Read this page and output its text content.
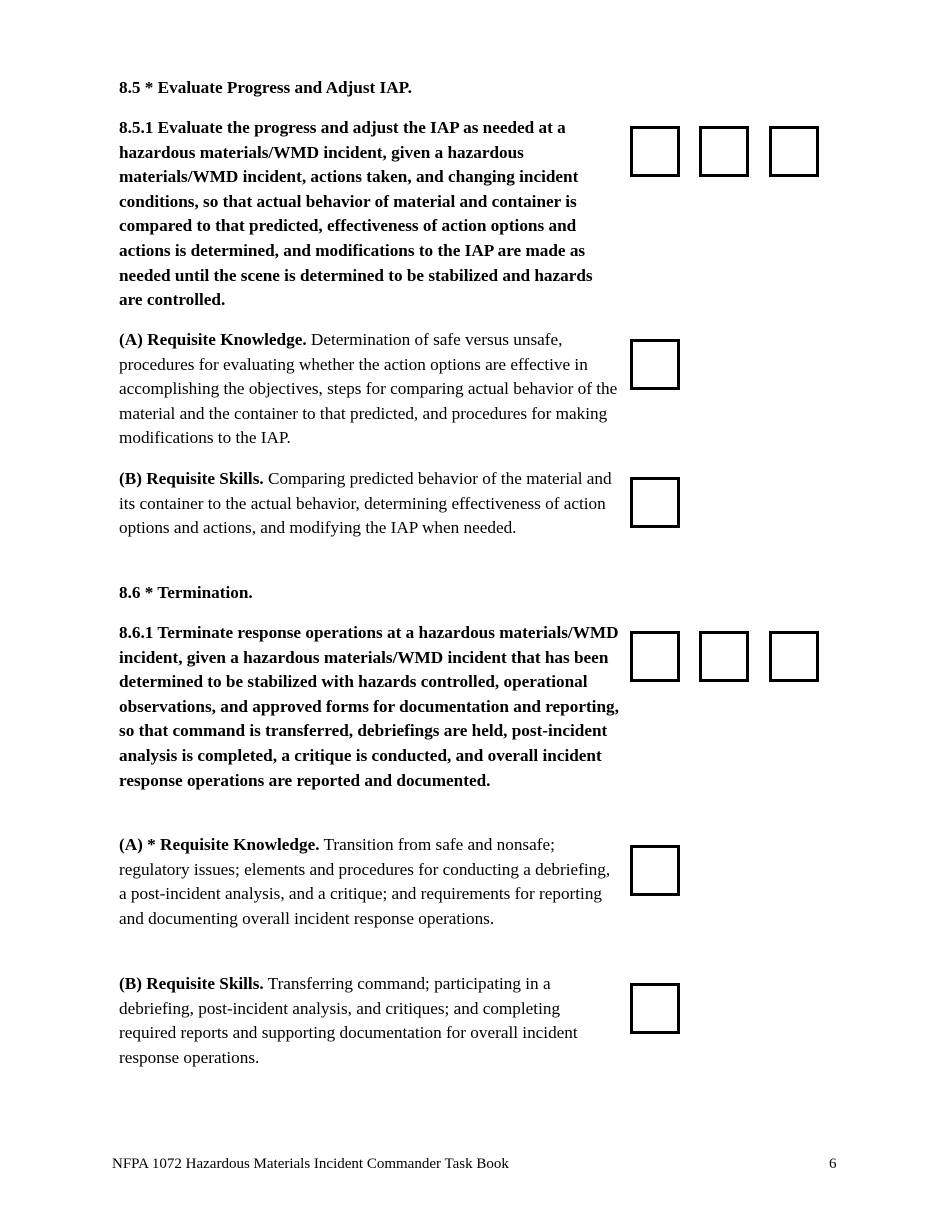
8.5 * Evaluate Progress and Adjust IAP.
8.5.1 Evaluate the progress and adjust the IAP as needed at a hazardous materials/WMD incident, given a hazardous materials/WMD incident, actions taken, and changing incident conditions, so that actual behavior of material and container is compared to that predicted, effectiveness of action options and actions is determined, and modifications to the IAP are made as needed until the scene is determined to be stabilized and hazards are controlled.
(A) Requisite Knowledge. Determination of safe versus unsafe, procedures for evaluating whether the action options are effective in accomplishing the objectives, steps for comparing actual behavior of the material and the container to that predicted, and procedures for making modifications to the IAP.
(B) Requisite Skills. Comparing predicted behavior of the material and its container to the actual behavior, determining effectiveness of action options and actions, and modifying the IAP when needed.
8.6 * Termination.
8.6.1 Terminate response operations at a hazardous materials/WMD incident, given a hazardous materials/WMD incident that has been determined to be stabilized with hazards controlled, operational observations, and approved forms for documentation and reporting, so that command is transferred, debriefings are held, post-incident analysis is completed, a critique is conducted, and overall incident response operations are reported and documented.
(A) * Requisite Knowledge. Transition from safe and nonsafe; regulatory issues; elements and procedures for conducting a debriefing, a post-incident analysis, and a critique; and requirements for reporting and documenting overall incident response operations.
(B) Requisite Skills. Transferring command; participating in a debriefing, post-incident analysis, and critiques; and completing required reports and supporting documentation for overall incident response operations.
NFPA 1072 Hazardous Materials Incident Commander Task Book	6
